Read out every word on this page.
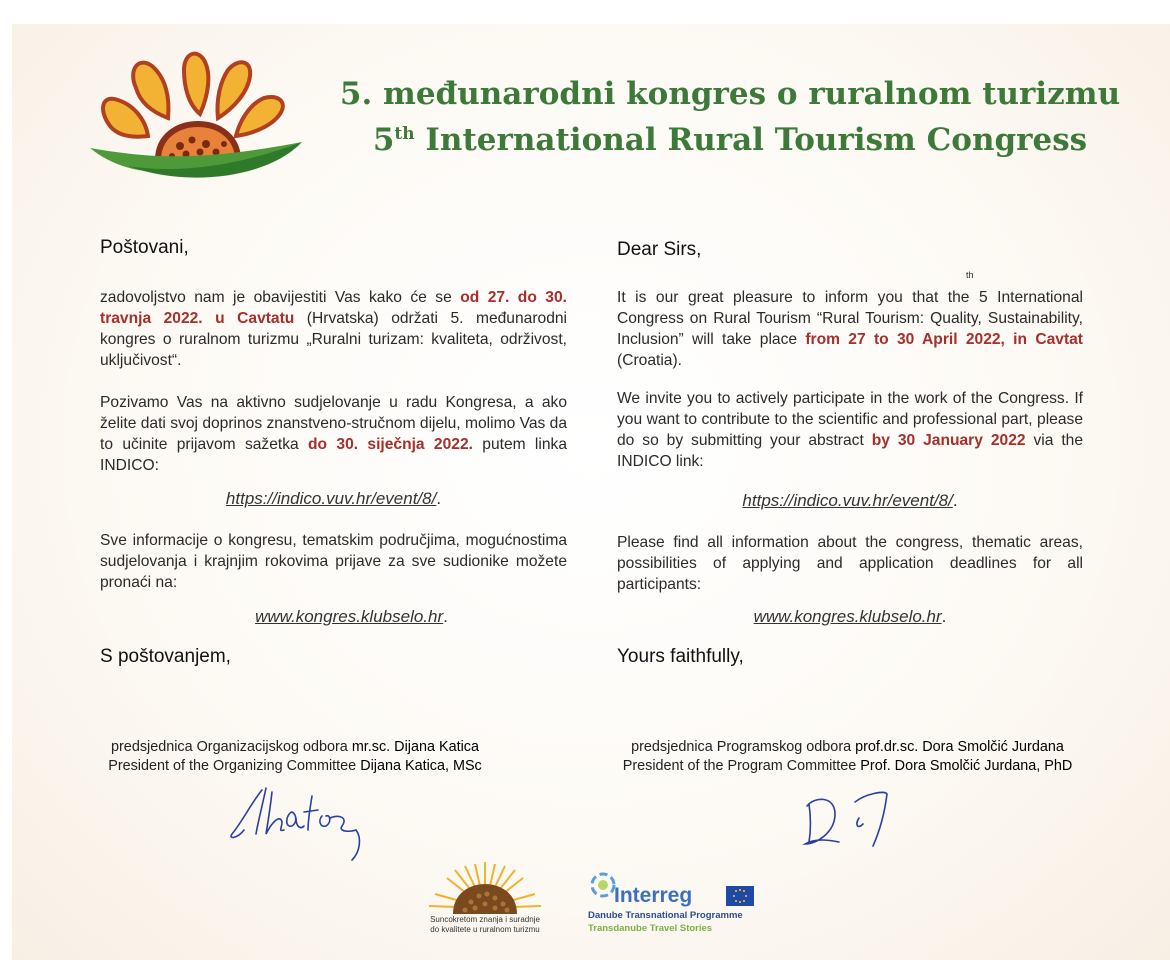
5. međunarodni kongres o ruralnom turizmu
5th International Rural Tourism Congress

Poštovani,

zadovoljstvo nam je obavijestiti Vas kako će se od 27. do 30. travnja 2022. u Cavtatu (Hrvatska) održati 5. međunarodni kongres o ruralnom turizmu „Ruralni turizam: kvaliteta, održivost, uključivost“.

Pozivamo Vas na aktivno sudjelovanje u radu Kongresa, a ako želite dati svoj doprinos znanstveno-stručnom dijelu, molimo Vas da to učinite prijavom sažetka do 30. siječnja 2022. putem linka INDICO:

https://indico.vuv.hr/event/8/.

Sve informacije o kongresu, tematskim područjima, mogućnostima sudjelovanja i krajnjim rokovima prijave za sve sudionike možete pronaći na:

www.kongres.klubselo.hr.

S poštovanjem,

Dear Sirs,

th

It is our great pleasure to inform you that the 5 International Congress on Rural Tourism “Rural Tourism: Quality, Sustainability, Inclusion” will take place from 27 to 30 April 2022, in Cavtat (Croatia).

We invite you to actively participate in the work of the Congress. If you want to contribute to the scientific and professional part, please do so by submitting your abstract by 30 January 2022 via the INDICO link:

https://indico.vuv.hr/event/8/.

Please find all information about the congress, thematic areas, possibilities of applying and application deadlines for all participants:

www.kongres.klubselo.hr.

Yours faithfully,

predsjednica Organizacijskog odbora mr.sc. Dijana Katica
President of the Organizing Committee Dijana Katica, MSc
predsjednica Programskog odbora prof.dr.sc. Dora Smolčić Jurdana
President of the Program Committee Prof. Dora Smolčić Jurdana, PhD
Suncokretom znanja i suradnje
do kvalitete u ruralnom turizmu
Interreg
Danube Transnational Programme
Transdanube Travel Stories
